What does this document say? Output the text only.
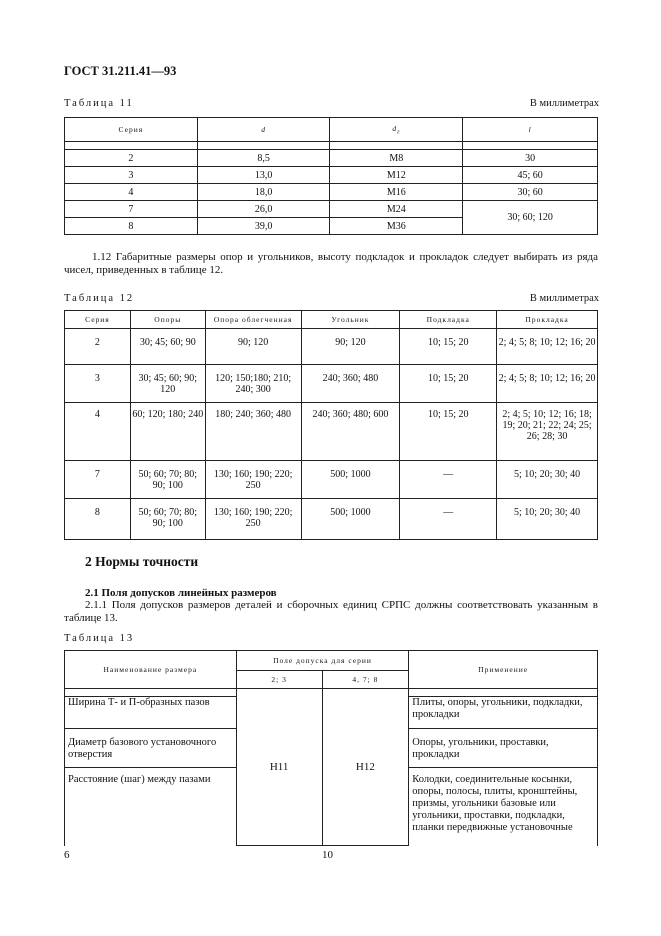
ГОСТ 31.211.41—93
Таблица 11	В миллиметрах
Серия	d	$d_г$	l

2	8,5	M8	30
3	13,0	M12	45; 60
4	18,0	M16	30; 60
7	26,0	M24	30; 60; 120
8	39,0	M36	
1.12 Габаритные размеры опор и угольников, высоту подкладок и прокладок следует выбирать из ряда чисел, приведенных в таблице 12.
Таблица 12	В миллиметрах
Серия	Опоры	Опора облегченная	Угольник	Подкладка	Прокладка
2	30; 45; 60; 90	90; 120	90; 120	10; 15; 20	2; 4; 5; 8; 10; 12; 16; 20
3	30; 45; 60; 90; 120	120; 150;180; 210; 240; 300	240; 360; 480	10; 15; 20	2; 4; 5; 8; 10; 12; 16; 20
4	60; 120; 180; 240	180; 240; 360; 480	240; 360; 480; 600	10; 15; 20	2; 4; 5; 10; 12; 16; 18; 19; 20; 21; 22; 24; 25; 26; 28; 30
7	50; 60; 70; 80; 90; 100	130; 160; 190; 220; 250	500; 1000	—	5; 10; 20; 30; 40
8	50; 60; 70; 80; 90; 100	130; 160; 190; 220; 250	500; 1000	—	5; 10; 20; 30; 40
2 Нормы точности
2.1 Поля допусков линейных размеров
2.1.1 Поля допусков размеров деталей и сборочных единиц СРПС должны соответствовать указанным в таблице 13.
Таблица 13
Наименование размера	Поле допуска для серии		Применение
	2; 3	4, 7; 8	
	H11	H12	
Ширина Т- и П-образных пазов			Плиты, опоры, угольники, подкладки, прокладки
Диаметр базового установочного отверстия			Опоры, угольники, проставки, прокладки
Расстояние (шаг) между пазами			Колодки, соединительные косынки, опоры, полосы, плиты, кронштейны, призмы, угольники базовые или угольники, проставки, подкладки, планки передвижные установочные
6	10
